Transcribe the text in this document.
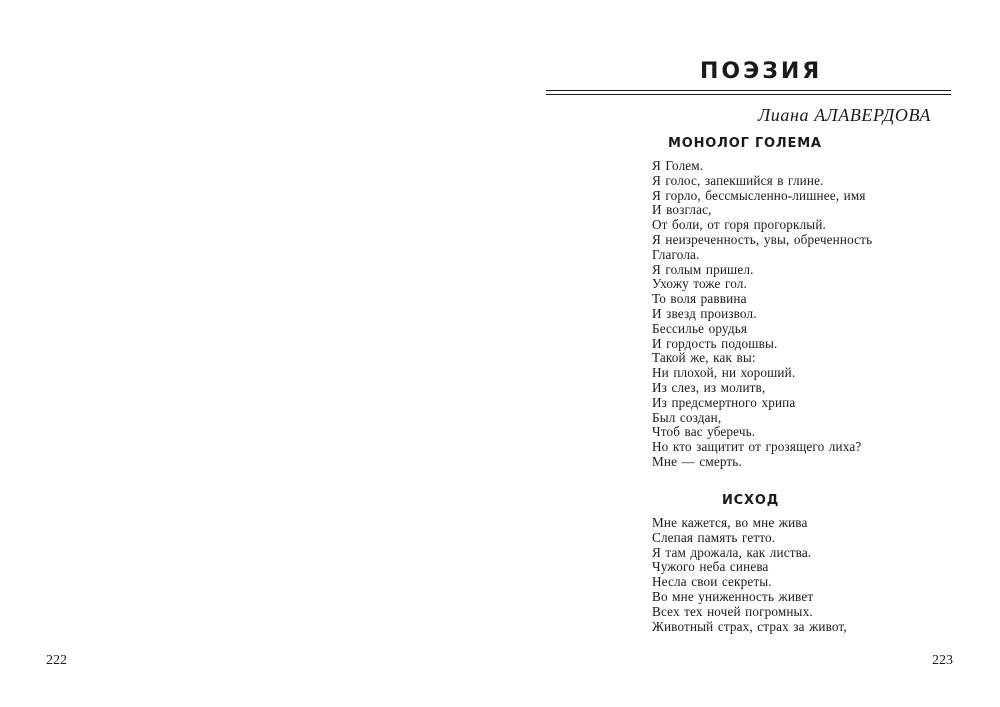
222
ПОЭЗИЯ
Лиана АЛАВЕРДОВА
МОНОЛОГ ГОЛЕМА
Я Голем.
Я голос, запекшийся в глине.
Я горло, бессмысленно-лишнее, имя
И возглас,
От боли, от горя прогорклый.
Я неизреченность, увы, обреченность
Глагола.
Я голым пришел.
Ухожу тоже гол.
То воля раввина
И звезд произвол.
Бессилье орудья
И гордость подошвы.
Такой же, как вы:
Ни плохой, ни хороший.
Из слез, из молитв,
Из предсмертного хрипа
Был создан,
Чтоб вас уберечь.
Но кто защитит от грозящего лиха?
Мне — смерть.
ИСХОД
Мне кажется, во мне жива
Слепая память гетто.
Я там дрожала, как листва.
Чужого неба синева
Несла свои секреты.
Во мне униженность живет
Всех тех ночей погромных.
Животный страх, страх за живот,
223
